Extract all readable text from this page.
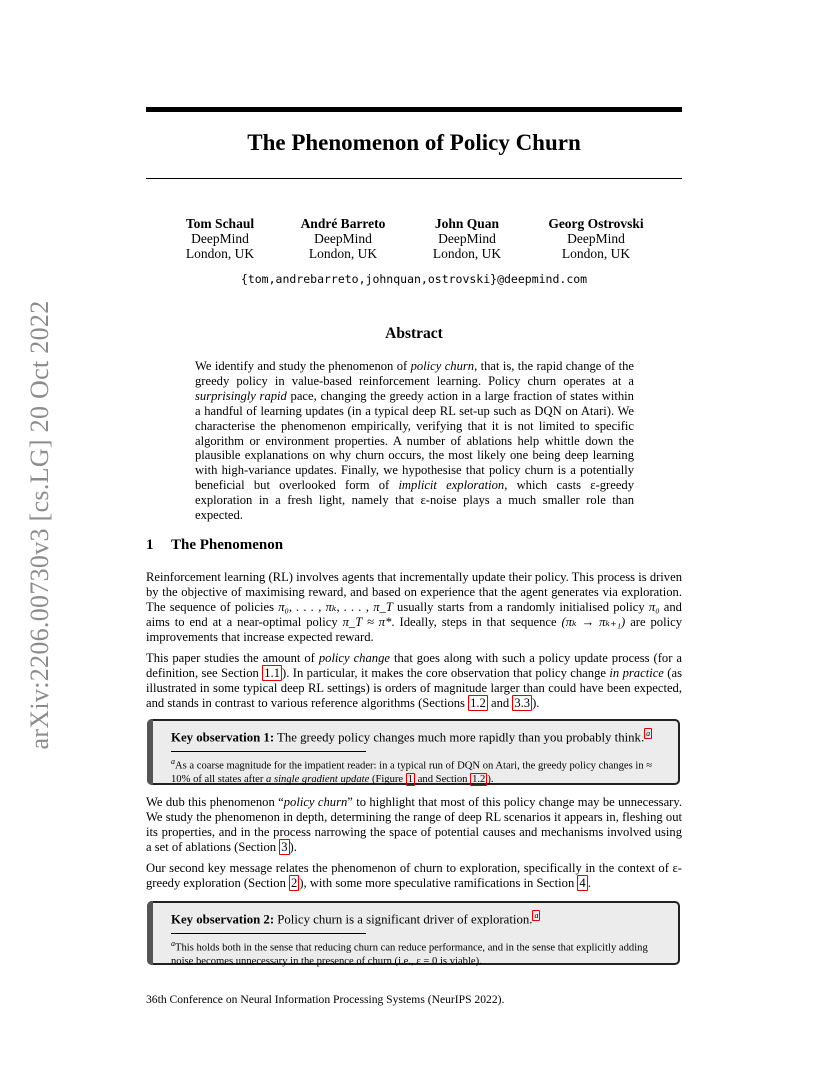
arXiv:2206.00730v3 [cs.LG] 20 Oct 2022
The Phenomenon of Policy Churn
Tom Schaul
DeepMind
London, UK
André Barreto
DeepMind
London, UK
John Quan
DeepMind
London, UK
Georg Ostrovski
DeepMind
London, UK
{tom,andrebarreto,johnquan,ostrovski}@deepmind.com
Abstract
We identify and study the phenomenon of policy churn, that is, the rapid change of the greedy policy in value-based reinforcement learning. Policy churn operates at a surprisingly rapid pace, changing the greedy action in a large fraction of states within a handful of learning updates (in a typical deep RL set-up such as DQN on Atari). We characterise the phenomenon empirically, verifying that it is not limited to specific algorithm or environment properties. A number of ablations help whittle down the plausible explanations on why churn occurs, the most likely one being deep learning with high-variance updates. Finally, we hypothesise that policy churn is a potentially beneficial but overlooked form of implicit exploration, which casts ε-greedy exploration in a fresh light, namely that ε-noise plays a much smaller role than expected.
1 The Phenomenon
Reinforcement learning (RL) involves agents that incrementally update their policy. This process is driven by the objective of maximising reward, and based on experience that the agent generates via exploration. The sequence of policies π₀, . . . , πₖ, . . . , π_T usually starts from a randomly initialised policy π₀ and aims to end at a near-optimal policy π_T ≈ π*. Ideally, steps in that sequence (πₖ → πₖ₊₁) are policy improvements that increase expected reward.
This paper studies the amount of policy change that goes along with such a policy update process (for a definition, see Section 1.1 ). In particular, it makes the core observation that policy change in practice (as illustrated in some typical deep RL settings) is orders of magnitude larger than could have been expected, and stands in contrast to various reference algorithms (Sections 1.2 and 3.3 ).
Key observation 1: The greedy policy changes much more rapidly than you probably think. $^a$
$^a$As a coarse magnitude for the impatient reader: in a typical run of DQN on Atari, the greedy policy changes in ≈ 10% of all states after a single gradient update (Figure 1 and Section 1.2 ).
We dub this phenomenon “policy churn” to highlight that most of this policy change may be unnecessary. We study the phenomenon in depth, determining the range of deep RL scenarios it appears in, fleshing out its properties, and in the process narrowing the space of potential causes and mechanisms involved using a set of ablations (Section 3 ).
Our second key message relates the phenomenon of churn to exploration, specifically in the context of ε-greedy exploration (Section 2 ), with some more speculative ramifications in Section 4 .
Key observation 2: Policy churn is a significant driver of exploration. $^a$
$^a$This holds both in the sense that reducing churn can reduce performance, and in the sense that explicitly adding noise becomes unnecessary in the presence of churn (i.e., ε = 0 is viable).
36th Conference on Neural Information Processing Systems (NeurIPS 2022).
